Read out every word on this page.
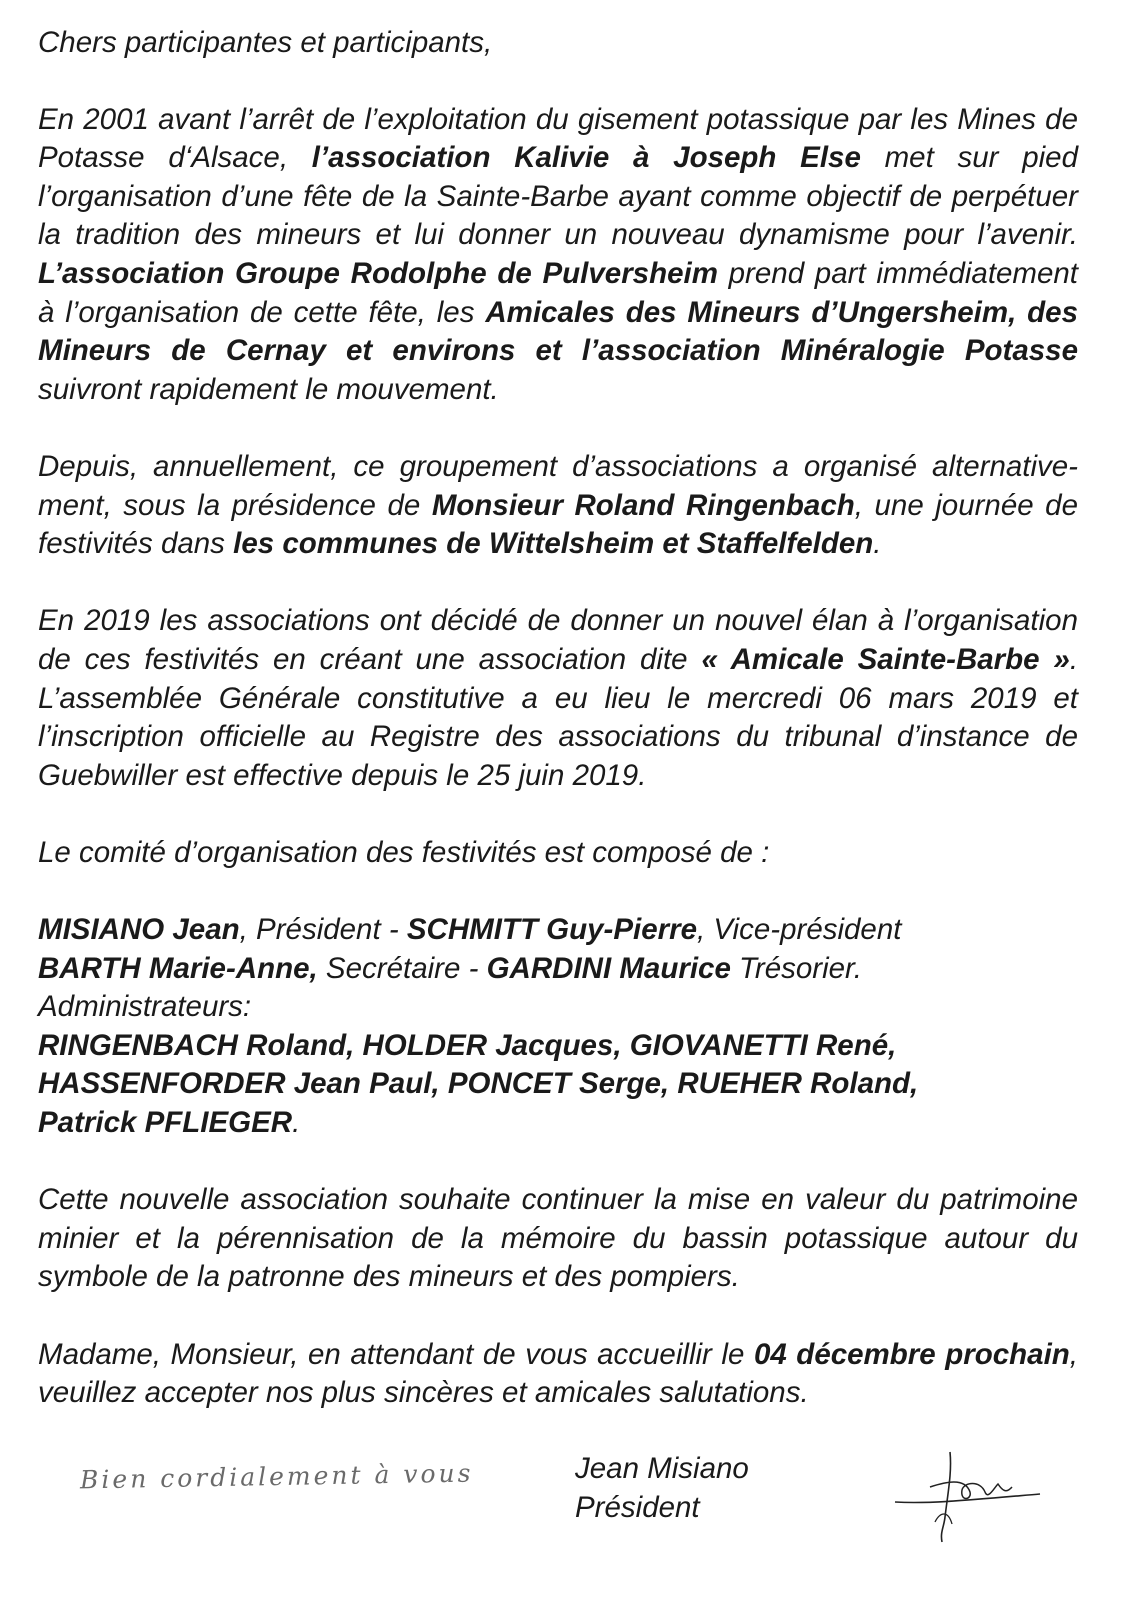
Chers participantes et participants,

En 2001 avant l’arrêt de l’exploitation du gisement potassique par les Mines de Potasse d‘Alsace, l’association Kalivie à Joseph Else met sur pied l’organisation d’une fête de la Sainte-Barbe ayant comme objectif de perpétuer la tradition des mineurs et lui donner un nouveau dynamisme pour l’avenir. L’association Groupe Rodolphe de Pulversheim prend part immédiatement à l’organisation de cette fête, les Amicales des Mineurs d’Ungersheim, des Mineurs de Cernay et environs et l’association Minéralogie Potasse suivront rapidement le mouvement.

Depuis, annuellement, ce groupement d’associations a organisé alternativement, sous la présidence de Monsieur Roland Ringenbach, une journée de festivités dans les communes de Wittelsheim et Staffelfelden.

En 2019 les associations ont décidé de donner un nouvel élan à l’organisation de ces festivités en créant une association dite « Amicale Sainte-Barbe ». L’assemblée Générale constitutive a eu lieu le mercredi 06 mars 2019 et l’inscription officielle au Registre des associations du tribunal d’instance de Guebwiller est effective depuis le 25 juin 2019.

Le comité d’organisation des festivités est composé de :

MISIANO Jean, Président - SCHMITT Guy-Pierre, Vice-président

BARTH Marie-Anne, Secrétaire - GARDINI Maurice Trésorier.

Administrateurs:

RINGENBACH Roland, HOLDER Jacques, GIOVANETTI René,

HASSENFORDER Jean Paul, PONCET Serge, RUEHER Roland,

Patrick PFLIEGER.

Cette nouvelle association souhaite continuer la mise en valeur du patrimoine minier et la pérennisation de la mémoire du bassin potassique autour du symbole de la patronne des mineurs et des pompiers.

Madame, Monsieur, en attendant de vous accueillir le 04 décembre prochain, veuillez accepter nos plus sincères et amicales salutations.

Bien cordialement à vous	Jean Misiano
Président
